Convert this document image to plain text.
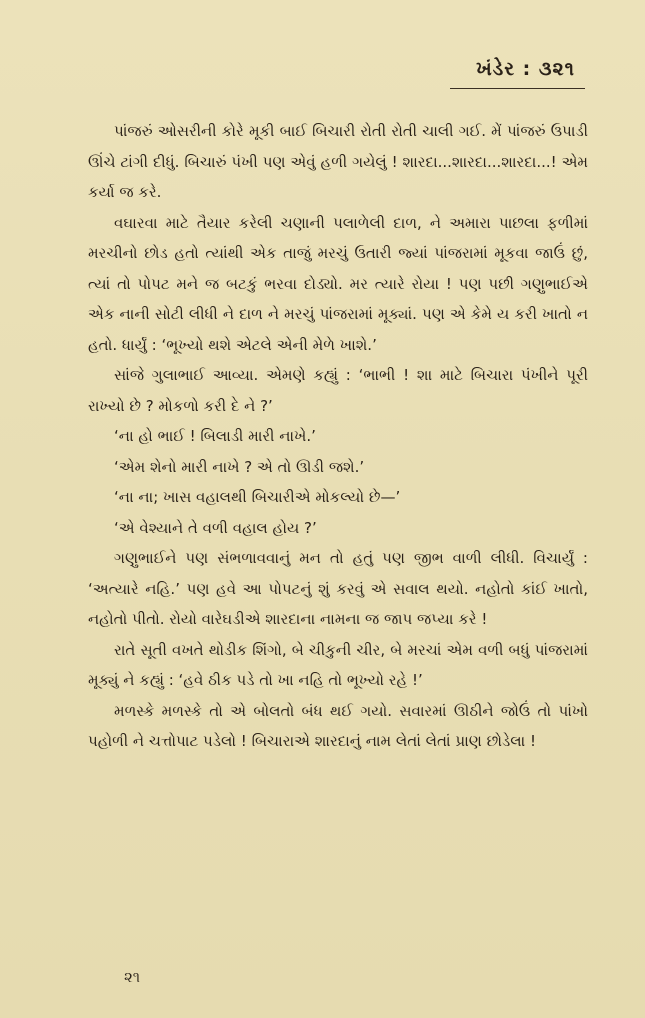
ખંડેર : ૩૨૧

પાંજરું ઓસરીની કોરે મૂકી બાઈ બિચારી રોતી રોતી ચાલી ગઈ. મેં પાંજરું ઉપાડી ઊંચે ટાંગી દીધું. બિચારું પંખી પણ એવું હળી ગયેલું ! શારદા...શારદા...શારદા...! એમ કર્યા જ કરે.

વઘારવા માટે તૈયાર કરેલી ચણાની પલાળેલી દાળ, ને અમારા પાછલા ફળીમાં મરચીનો છોડ હતો ત્યાંથી એક તાજું મરચું ઉતારી જ્યાં પાંજરામાં મૂકવા જાઉં છું, ત્યાં તો પોપટ મને જ બટકું ભરવા દોડ્યો. મર ત્યારે રોયા ! પણ પછી ગણુભાઈએ એક નાની સોટી લીધી ને દાળ ને મરચું પાંજરામાં મૂક્યાં. પણ એ કેમે ય કરી ખાતો ન હતો. ધાર્યું : ‘ભૂખ્યો થશે એટલે એની મેળે ખાશે.’

સાંજે ગુલાભાઈ આવ્યા. એમણે કહ્યું : ‘ભાભી ! શા માટે બિચારા પંખીને પૂરી રાખ્યો છે ? મોકળો કરી દે ને ?’

‘ના હો ભાઈ ! બિલાડી મારી નાખે.’

‘એમ શેનો મારી નાખે ? એ તો ઊડી જશે.’

‘ના ના; ખાસ વહાલથી બિચારીએ મોકલ્યો છે—’

‘એ વેશ્યાને તે વળી વહાલ હોય ?’

ગણુભાઈને પણ સંભળાવવાનું મન તો હતું પણ જીભ વાળી લીધી. વિચાર્યું : ‘અત્યારે નહિ.’ પણ હવે આ પોપટનું શું કરવું એ સવાલ થયો. નહોતો કાંઈ ખાતો, નહોતો પીતો. રોયો વારેઘડીએ શારદાના નામના જ જાપ જપ્યા કરે !

રાતે સૂતી વખતે થોડીક શિંગો, બે ચીકુની ચીર, બે મરચાં એમ વળી બધું પાંજરામાં મૂક્યું ને કહ્યું : ‘હવે ઠીક પડે તો ખા નહિ તો ભૂખ્યો રહે !’

મળસ્કે મળસ્કે તો એ બોલતો બંધ થઈ ગયો. સવારમાં ઊઠીને જોઉં તો પાંખો પહોળી ને ચત્તોપાટ પડેલો ! બિચારાએ શારદાનું નામ લેતાં લેતાં પ્રાણ છોડેલા !

૨૧
